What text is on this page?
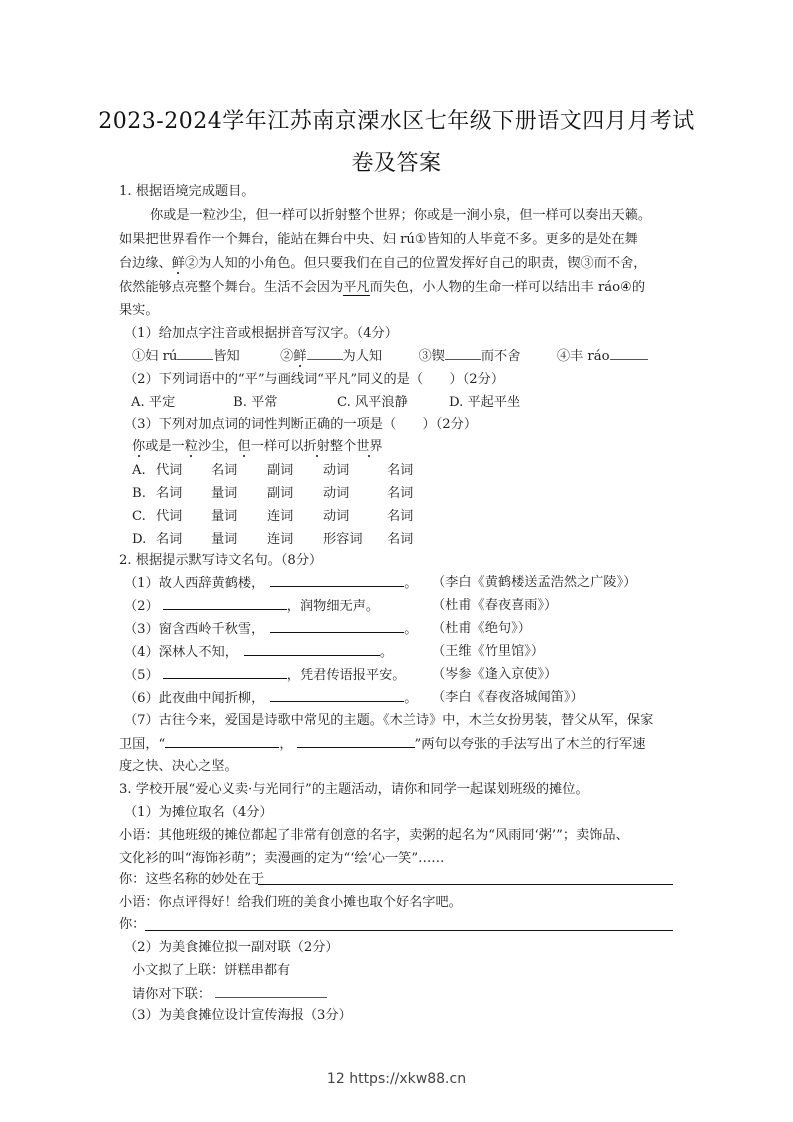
2023-2024学年江苏南京溧水区七年级下册语文四月月考试
卷及答案
1. 根据语境完成题目。
你或是一粒沙尘，但一样可以折射整个世界；你或是一涧小泉，但一样可以奏出天籁。
如果把世界看作一个舞台，能站在舞台中央、妇 rú①皆知的人毕竟不多。更多的是处在舞
台边缘、鲜②为人知的小角色。但只要我们在自己的位置发挥好自己的职责，锲③而不舍，
依然能够点亮整个舞台。生活不会因为平凡而失色，小人物的生命一样可以结出丰 ráo④的
果实。
（1）给加点字注音或根据拼音写汉字。（4分）
①妇 rú	皆知	②鲜	为人知	③锲	而不舍	④丰 ráo
（2）下列词语中的“平”与画线词“平凡”同义的是（　　）（2分）
A. 平定	B. 平常	C. 风平浪静	D. 平起平坐
（3）下列对加点词的词性判断正确的一项是（　　）（2分）
你或是一粒沙尘，但一样可以折射整个世界
A. 代词 名词 副词 动词	名词
B. 名词 量词 副词 动词	名词
C. 代词 量词 连词 动词	名词
D. 名词 量词 连词 形容词 名词
2. 根据提示默写诗文名句。（8分）
（1）故人西辞黄鹤楼，	。 （李白《黄鹤楼送孟浩然之广陵》）
（2）	，润物细无声。	（杜甫《春夜喜雨》）
（3）窗含西岭千秋雪，	。 （杜甫《绝句》）
（4）深林人不知，	。	（王维《竹里馆》）
（5）	，凭君传语报平安。 （岑参《逢入京使》）
（6）此夜曲中闻折柳，	。 （李白《春夜洛城闻笛》）
（7）古往今来，爱国是诗歌中常见的主题。《木兰诗》中，木兰女扮男装，替父从军，保家
卫国，“	，	”两句以夸张的手法写出了木兰的行军速
度之快、决心之坚。
3. 学校开展“爱心义卖·与光同行”的主题活动，请你和同学一起谋划班级的摊位。
（1）为摊位取名（4分）
小语：其他班级的摊位都起了非常有创意的名字，卖粥的起名为“风雨同‘粥’”；卖饰品、
文化衫的叫“海饰衫萌”；卖漫画的定为“‘绘’心一笑”……
你：这些名称的妙处在于
小语：你点评得好！给我们班的美食小摊也取个好名字吧。
你：
（2）为美食摊位拟一副对联（2分）
小文拟了上联：饼糕串都有
请你对下联：
（3）为美食摊位设计宣传海报（3分）
12 https://xkw88.cn
